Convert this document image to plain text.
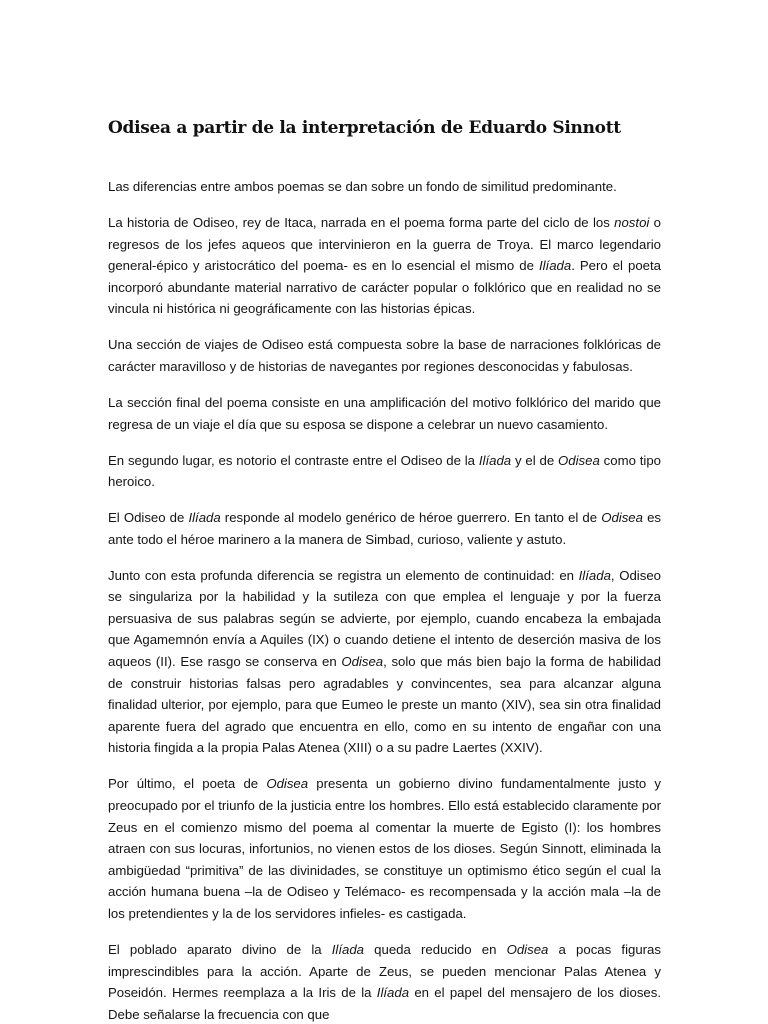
Odisea a partir de la interpretación de Eduardo Sinnott

Las diferencias entre ambos poemas se dan sobre un fondo de similitud predominante.

La historia de Odiseo, rey de Itaca, narrada en el poema forma parte del ciclo de los nostoi o regresos de los jefes aqueos que intervinieron en la guerra de Troya. El marco legendario general-épico y aristocrático del poema- es en lo esencial el mismo de Ilíada. Pero el poeta incorporó abundante material narrativo de carácter popular o folklórico que en realidad no se vincula ni histórica ni geográficamente con las historias épicas.

Una sección de viajes de Odiseo está compuesta sobre la base de narraciones folklóricas de carácter maravilloso y de historias de navegantes por regiones desconocidas y fabulosas.

La sección final del poema consiste en una amplificación del motivo folklórico del marido que regresa de un viaje el día que su esposa se dispone a celebrar un nuevo casamiento.

En segundo lugar, es notorio el contraste entre el Odiseo de la Ilíada y el de Odisea como tipo heroico.

El Odiseo de Ilíada responde al modelo genérico de héroe guerrero. En tanto el de Odisea es ante todo el héroe marinero a la manera de Simbad, curioso, valiente y astuto.

Junto con esta profunda diferencia se registra un elemento de continuidad: en Ilíada, Odiseo se singulariza por la habilidad y la sutileza con que emplea el lenguaje y por la fuerza persuasiva de sus palabras según se advierte, por ejemplo, cuando encabeza la embajada que Agamemnón envía a Aquiles (IX) o cuando detiene el intento de deserción masiva de los aqueos (II). Ese rasgo se conserva en Odisea, solo que más bien bajo la forma de habilidad de construir historias falsas pero agradables y convincentes, sea para alcanzar alguna finalidad ulterior, por ejemplo, para que Eumeo le preste un manto (XIV), sea sin otra finalidad aparente fuera del agrado que encuentra en ello, como en su intento de engañar con una historia fingida a la propia Palas Atenea (XIII) o a su padre Laertes (XXIV).

Por último, el poeta de Odisea presenta un gobierno divino fundamentalmente justo y preocupado por el triunfo de la justicia entre los hombres. Ello está establecido claramente por Zeus en el comienzo mismo del poema al comentar la muerte de Egisto (I): los hombres atraen con sus locuras, infortunios, no vienen estos de los dioses. Según Sinnott, eliminada la ambigüedad “primitiva” de las divinidades, se constituye un optimismo ético según el cual la acción humana buena –la de Odiseo y Telémaco- es recompensada y la acción mala –la de los pretendientes y la de los servidores infieles- es castigada.

El poblado aparato divino de la Ilíada queda reducido en Odisea a pocas figuras imprescindibles para la acción. Aparte de Zeus, se pueden mencionar Palas Atenea y Poseidón. Hermes reemplaza a la Iris de la Ilíada en el papel del mensajero de los dioses. Debe señalarse la frecuencia con que
